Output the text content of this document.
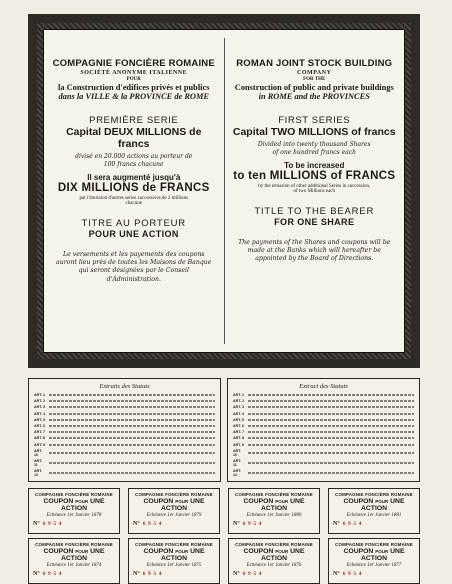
COMPAGNIE FONCIÈRE ROMAINE
SOCIÉTÉ ANONYME ITALIENNE
POUR
la Construction d'edifices privés et publics
dans la VILLE & la PROVINCE de ROME
PREMIÈRE SERIE
Capital DEUX MILLIONS de francs
divisé en 20.000 actions au porteur de
100 francs chacune
Il sera augmenté jusqu'à
DIX MILLIONS de FRANCS
par l'émission d'autres series successives de 2 millions
chacune
TITRE AU PORTEUR
POUR UNE ACTION
Le versements et les payements des coupons auront lieu près de toutes les Maisons de Banque qui seront désignées par le Conseil d'Administration.
ROMAN JOINT STOCK BUILDING
COMPANY
FOR THE
Construction of public and private buildings
in ROME and the PROVINCES
FIRST SERIES
Capital TWO MILLIONS of francs
Divided into twenty thousand Shares
of one hundred francs each
To be increased
to ten MILLIONS of FRANCS
by the emission of other additional Series in succession,
of two Millions each
TITLE TO THE BEARER
FOR ONE SHARE
The payments of the Shares and coupons will be made at the Banks which will hereafter be appointed by the Board of Directions.
Extraits des Statuts
ART. 1
ART. 2
ART. 3
ART. 4
ART. 5
ART. 6
ART. 7
ART. 8
ART. 9
ART. 10
ART. 11
ART. 12
Extract des Statuts
ART. 1
ART. 2
ART. 3
ART. 4
ART. 5
ART. 6
ART. 7
ART. 8
ART. 9
ART. 10
ART. 11
ART. 12
COMPAGNIE FONCIÈRE ROMAINE
COUPON POUR UNE ACTION
Echéance 1er Janvier 1878
N° 6 9 5 4
COMPAGNIE FONCIÈRE ROMAINE
COUPON POUR UNE ACTION
Echéance 1er Janvier 1879
N° 6 9 5 4
COMPAGNIE FONCIÈRE ROMAINE
COUPON POUR UNE ACTION
Echéance 1er Janvier 1880
N° 6 9 5 4
COMPAGNIE FONCIÈRE ROMAINE
COUPON POUR UNE ACTION
Echéance 1er Janvier 1881
N° 6 9 5 4
COMPAGNIE FONCIÈRE ROMAINE
COUPON POUR UNE ACTION
Echéance 1er Janvier 1874
N° 6 9 5 4
COMPAGNIE FONCIÈRE ROMAINE
COUPON POUR UNE ACTION
Echéance 1er Janvier 1875
N° 6 9 5 4
COMPAGNIE FONCIÈRE ROMAINE
COUPON POUR UNE ACTION
Echéance 1er Janvier 1876
N° 6 9 5 4
COMPAGNIE FONCIÈRE ROMAINE
COUPON POUR UNE ACTION
Echéance 1er Janvier 1877
N° 6 9 5 4
